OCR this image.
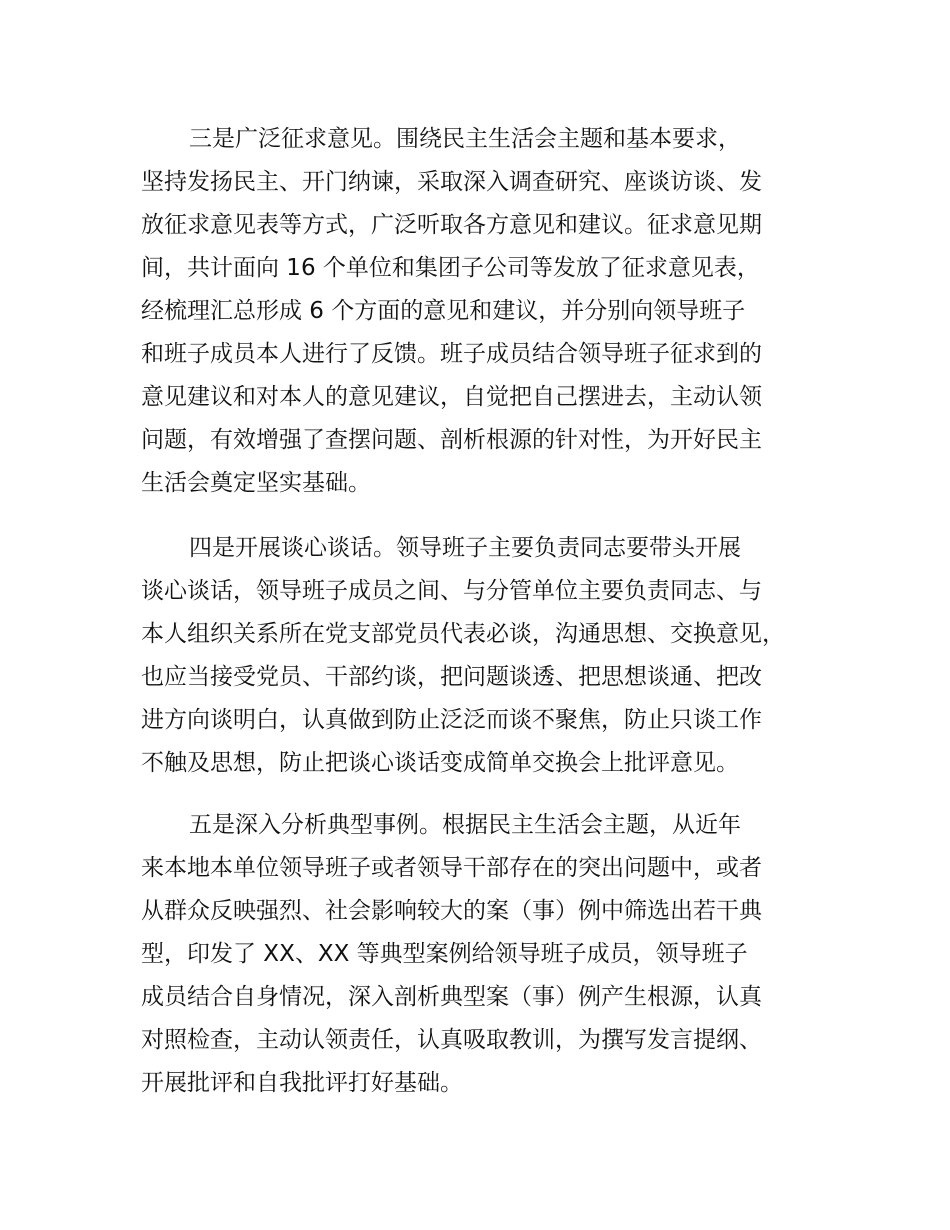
三是广泛征求意见。围绕民主生活会主题和基本要求，
坚持发扬民主、开门纳谏，采取深入调查研究、座谈访谈、发
放征求意见表等方式，广泛听取各方意见和建议。征求意见期
间，共计面向 16 个单位和集团子公司等发放了征求意见表，
经梳理汇总形成 6 个方面的意见和建议，并分别向领导班子
和班子成员本人进行了反馈。班子成员结合领导班子征求到的
意见建议和对本人的意见建议，自觉把自己摆进去，主动认领
问题，有效增强了查摆问题、剖析根源的针对性，为开好民主
生活会奠定坚实基础。
四是开展谈心谈话。领导班子主要负责同志要带头开展
谈心谈话，领导班子成员之间、与分管单位主要负责同志、与
本人组织关系所在党支部党员代表必谈，沟通思想、交换意见，
也应当接受党员、干部约谈，把问题谈透、把思想谈通、把改
进方向谈明白，认真做到防止泛泛而谈不聚焦，防止只谈工作
不触及思想，防止把谈心谈话变成简单交换会上批评意见。
五是深入分析典型事例。根据民主生活会主题，从近年
来本地本单位领导班子或者领导干部存在的突出问题中，或者
从群众反映强烈、社会影响较大的案（事）例中筛选出若干典
型，印发了 XX、XX 等典型案例给领导班子成员，领导班子
成员结合自身情况，深入剖析典型案（事）例产生根源，认真
对照检查，主动认领责任，认真吸取教训，为撰写发言提纲、
开展批评和自我批评打好基础。
